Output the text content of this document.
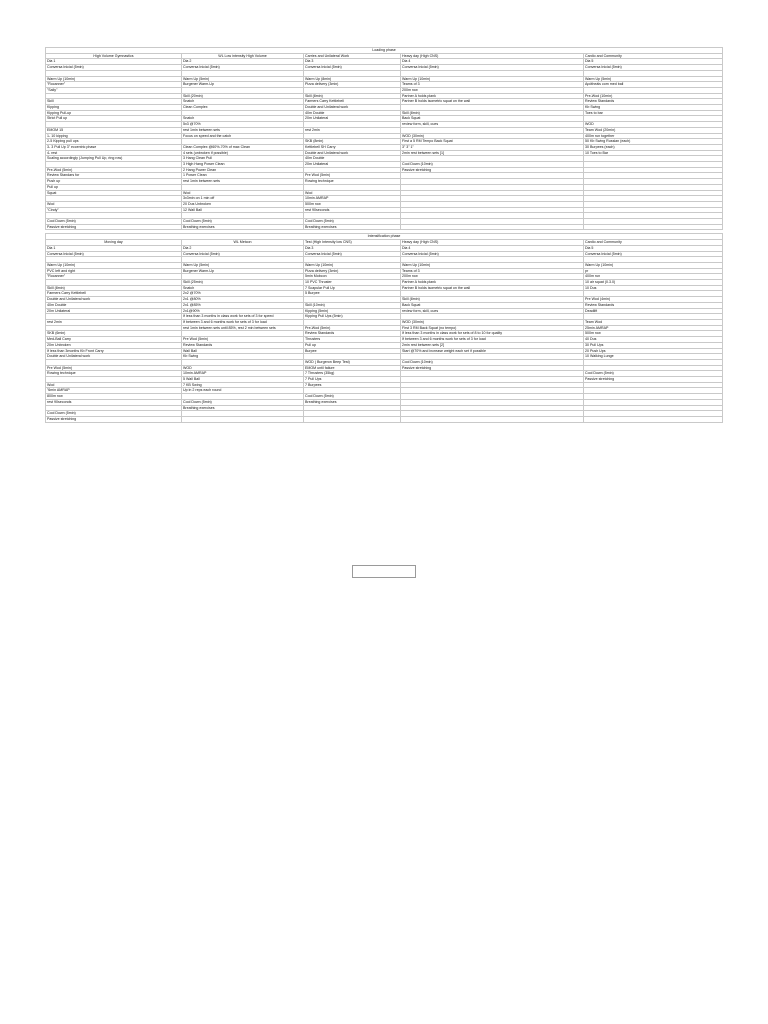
Loading phase				
High Volume Gymnastics	WL Low intensity High Volume	Carries and Unilateral Work	Heavy day (High CNS)	Cardio and Community
Dia 1	Dia 2	Dia 3	Dia 4	Dia 5
Conversa Inicial (5min)	Conversa Inicial (5min)	Conversa Inicial (5min)	Conversa Inicial (5min)	Conversa Inicial (5min)

Warm Up (10min)	Warm Up (5min)	Warm Up (8min)	Warm Up (10min)	Warm Up (5min)
"Rocanner"	Burgener Warm-Up	Pizza delivery (3min)	Teams of 3	Apótheáis com med ball
"Sally"			200m row	
	Skill (20min)	Skill (8min)	Partner A holds plank	Pre-Wod (10min)
Skill	Snatch	Farmers Carry Kettlebell	Partner B holds isometric squat on the wall	Review Standards
Kipping	Clean Complex	Double and Unilateral work		Kb Swing
Kipping Pull-up		40m Double	Skill (8min)	Toes to bar
Strict Pull up	Snatch	20m Unilateral	Back Squat	
	5x3 @70%		review form, skill, cues	WOD
EMOM 15	rest 1min between sets	rest 2min		Team Wod (20min)
1- 10 kipping	Focus on speed and the catch		WOD (30min)	400m run together
2-5 Kipping pull ups		SKB (8min)	First a 5 RM Tempo Back Squat	50 Kb Swing Russian (each)
3- 3 Pull Up 3" eccentric phase	Clean Complex @60%-70% of max Clean	Kettlebell SH Carry	3" 3" 1"	30 Burpees (each)
4- rest	4 sets (unbroken if possible)	Double and Unilateral work	2min rest between sets [1]	10 Toes to Bar
Scaling accordingly (Jumping Pull Up, ring row)	3 Hang Clean Pull	40m Double		
	3 High Hang Power Clean	20m Unilateral	Cool Down (10min)	
Pre-Wod (5min)	2 Hang Power Clean		Passive stretching	
Review Standars for	1 Power Clean	Pre Wod (5min)		
Push up	rest 1min between sets	Rowing technique		
Pull up				
Squat	Wod	Wod		
	3x3min on 1 min off	10min AMRAP		
Wod	20 Dus Unbroken	500m row		
"Cindy"	12 Wall Ball	rest 90seconds		

Cool Down (5min)	Cool Down (5min)	Cool Down (5min)		
Passive stretching	Breathing exercises	Breathing exercises		
Intensification phase				
Moving day	WL Metcon	Test (High Intensity low CNS)	Heavy day (High CNS)	Cardio and Community
Dia 1	Dia 2	Dia 3	Dia 4	Dia 5
Conversa Inicial (5min)	Conversa Inicial (5min)	Conversa Inicial (5min)	Conversa Inicial (5min)	Conversa Inicial (5min)

Warm Up (10min)	Warm Up (5min)	Warm Up (10min)	Warm Up (10min)	Warm Up (10min)
PVC left and right	Burgener Warm-Up	Pizza delivery (3min)	Teams of 3	pr
"Rocanner"		5min Mobcon	200m row	400m run
	Skill (25min)	10 PVC Thruster	Partner A holds plank	10 air squat (0.3.0)
Skill (8min)	Snatch	7 Scapular Pull Up	Partner B holds isometric squat on the wall	10 Dus
Farmers Carry Kettlebell	2x2 @70%	5 Burpee		
Double and Unilateral work	2x1 @80%		Skill (8min)	Pre Wod (4min)
40m Double	2x1 @85%	Skill (10min)	Back Squat	Review Standards
20m Unilateral	2x1@90%	Kipping (5min)	review form, skill, cues	Deadlift
	If less than 3 months in class work for sets of 3 for speed	Kipping Pull Ups (5min)		
rest 2min	If between 3 and 6 months work for sets of 3 for load		WOD (30min)	Team Wod
	rest 1min between sets until 85%, rest 2 min between sets	Pre-Wod (5min)	First 3 RM Back Squat (no tempo)	25min AMRAP
SKB (6min)		Review Standards	If less than 3 months in class work for sets of 8 to 10 for quality	500m row
Med-Ball Carry	Pre Wod (5min)	Thrusters	If between 3 and 6 months work for sets of 3 for load	40 Dus
20m Unbroken	Review Standards	Pull up	2min rest between sets [2]	30 Pull Ups
If less than 3months Kb Front Carry	Wall Ball	Burpee	Start @70% and increase weight each set if possible	20 Push Ups
Double and Unilateral work	Kb Swing			10 Walking Lunge
		WOD ( Burgeron Beep Test)	Cool Down (10min)	
Pre Wod (5min)	WOD	EMOM until failure	Passive stretching	
Rowing technique	10min AMRAP	7 Thrusters (35kg)		Cool Down (5min)
	5 Wall Ball	7 Pull Ups		Passive stretching
Wod	7 KB Swing	7 Burpees		
"6min AMRAP	Up in 2 reps each round			
800m row		Cool Down (5min)		
rest 90seconds	Cool Down (5min)	Breathing exercises		
	Breathing exercises			
Cool Down (5min)				
Passive stretching				
